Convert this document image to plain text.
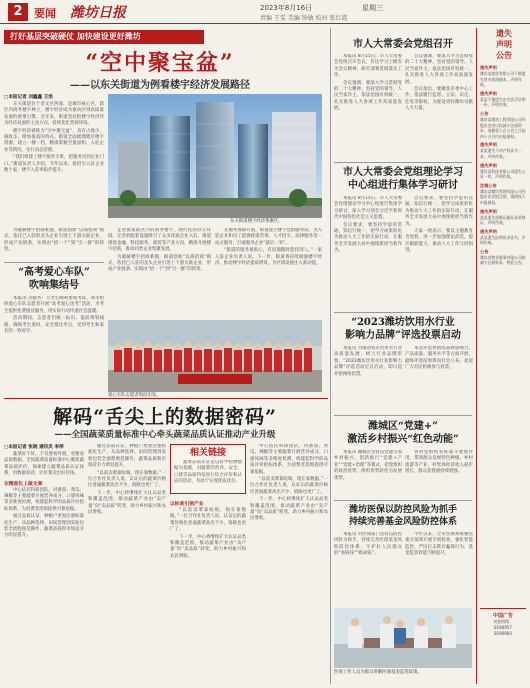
2	要闻 潍坊日报	2023年8月16日	星期三
责编 王雯 美编 徐敏 校对 张红霞
打好基层突破硬仗 加快建设更好潍坊
“空中聚宝盆”
——以东关街道为例看楼宇经济发展路径
□本报记者 刘鑫鑫 王浩

东关街道位于奎文区西部，是城市核心区，辖区内商务楼宇林立，楼宇经济成为推动区域高质量发展的重要引擎。近年来，街道坚持把楼宇经济作为经济发展的主攻方向，持续优化营商环境。

楼宇经济被称为“空中聚宝盆”，具有占地少、税收多、附加值高的特点。街道全面梳理辖区楼宇资源，建立一楼一档，精准掌握空置面积、入驻企业等情况，实行动态管理。

“我们组建了楼宇服务专班，把服务送到企业门口。”街道负责人介绍，今年以来，新招引入驻企业数十家，楼宇入驻率稳步提升。

东关街道楼宇经济集聚区。

走进街道辖区内的商务楼宇，现代化的办公环境、完善的配套设施吸引了众多优质企业入驻。街道围绕金融、科技服务、商贸等产业方向，精准开展楼宇招商，推动同类企业集聚发展。

为破解楼宇招商难题，街道创新“以商招商”模式，依托已入驻的龙头企业引进上下游关联企业，形成产业链条，实现由“招一个”到“引一群”的转变。

在服务保障方面，街道建立楼宇党群服务站，为入驻企业和员工提供政策咨询、人才招引、法律服务等一站式服务，打通服务企业“最后一米”。

“街道的服务很贴心，有问题随时能找到人。”一家入驻企业负责人说。下一步，街道将持续做强楼宇经济，推动楼宇经济提质增效，为区域发展注入新动能。

为破解楼宇招商难题，街道创新“以商招商”模式，依托已入驻的龙头企业引进上下游关联企业，形成产业链条，实现由“招一个”到“引一群”的转变。

“高考爱心车队”
吹响集结号

本报讯 为服务广大考生顺利参加考试，我市组织爱心车队志愿者开展“高考爱心送考”活动，为考生提供免费接送服务，用实际行动传递社会温暖。

活动期间，志愿者们统一标识、提前规划线路，确保考生准时、安全抵达考点，受到考生和家长的一致好评。

爱心车队志愿者集结出发。
解码“舌尖上的数据密码”
——全国蔬菜质量标准中心牵头蔬菜品质认证推动产业升级
□本报记者 张晓 通讯员 李萍

蔬菜好不好，不仅要看外观，更要看品质数据。全国蔬菜质量标准中心聚焦蔬菜品质评价，探索建立蔬菜品质认证体系，用数据说话，让好菜卖出好价钱。

在精准化上做文章

中心依托科研团队，对番茄、黄瓜、辣椒等主要蔬菜开展营养成分、口感风味等多维度检测，构建起科学的品质评价指标体系，为消费者选购提供可靠依据。

通过品质认证，种植户更加注重标准化生产，从品种选择、田间管理到采收包装全流程规范操作，蔬菜品质和市场竞争力明显提升。

通过品质认证，种植户更加注重标准化生产，从品种选择、田间管理到采收包装全流程规范操作，蔬菜品质和市场竞争力明显提升。

“以前卖菜靠吆喝，现在靠数据。”一位合作社负责人说，认证后的蔬菜价格比普通蔬菜高出不少，销路也更广了。

下一步，中心将继续扩大认证品类和覆盖范围，推动蔬菜产业由“卖产量”向“卖品质”转变，助力乡村振兴和农民增收。

相关链接

蔬菜品质认证是以科学检测数据为基础，对蔬菜的营养、安全、口感等品质特征进行综合评价和认证的活动，有助于实现优质优价。

以标准引领产业

“以前卖菜靠吆喝，现在靠数据。”一位合作社负责人说，认证后的蔬菜价格比普通蔬菜高出不少，销路也更广了。

下一步，中心将继续扩大认证品类和覆盖范围，推动蔬菜产业由“卖产量”向“卖品质”转变，助力乡村振兴和农民增收。

中心依托科研团队，对番茄、黄瓜、辣椒等主要蔬菜开展营养成分、口感风味等多维度检测，构建起科学的品质评价指标体系，为消费者选购提供可靠依据。

“以前卖菜靠吆喝，现在靠数据。”一位合作社负责人说，认证后的蔬菜价格比普通蔬菜高出不少，销路也更广了。

下一步，中心将继续扩大认证品类和覆盖范围，推动蔬菜产业由“卖产量”向“卖品质”转变，助力乡村振兴和农民增收。

市人大常委会党组召开

本报讯 8月15日，市人大常委会党组召开会议，传达学习上级有关会议精神，研究部署贯彻落实工作。

会议强调，要深入学习贯彻党的二十大精神，坚持党的领导、人民当家作主、依法治国有机统一，扎实推进人大各项工作高质量发展。

会议强调，要深入学习贯彻党的二十大精神，坚持党的领导、人民当家作主、依法治国有机统一，扎实推进人大各项工作高质量发展。

会议指出，要聚焦市委中心工作，依法履行监督、立法、决定、任免等职权，为建设更好潍坊贡献人大力量。

市人大常委会党组理论学习
中心组进行集体学习研讨

本报讯 8月15日，市人大常委会党组理论学习中心组进行集体学习研讨，深入学习领会习近平新时代中国特色社会主义思想。

会议要求，要坚持学思用贯通、知信行统一，把学习成果转化为推动人大工作的实际行动，在服务全市发展大局中展现新担当新作为。

会议要求，要坚持学思用贯通、知信行统一，把学习成果转化为推动人大工作的实际行动，在服务全市发展大局中展现新担当新作为。

大家一致表示，要以主题教育为契机，进一步加强理论武装，提升履职能力，推动人大工作与时俱进。

“2023潍坊饮用水行业
影响力品牌”评选投票启动

本报讯 为推动我市饮用水行业高质量发展，树立行业品牌形象，“2023潍坊饮用水行业影响力品牌”评选活动近日启动，即日起开始网络投票。

本次评选将围绕品牌影响力、产品质量、服务水平等方面开展，最终评选结果将向社会公布，欢迎广大市民积极参与投票。

潍城区“党建+”
激活乡村振兴“红色动能”

本报讯 潍城区坚持以党建引领乡村振兴，创新推行“党建+产业”“党建+治理”等模式，把党组织的政治优势、组织优势转化为发展优势。

各村党组织发挥战斗堡垒作用，带领群众发展特色种植、乡村旅游等产业，村集体经济收入稳步增长，群众获得感持续增强。

潍坊医保以防控风险为抓手
持续完善基金风险防控体系

本报讯 市医保部门坚持以防控风险为抓手，持续完善医保基金风险防控体系，守护好人民群众的“看病钱”“救命钱”。

今年以来，全市医保系统聚焦重点领域开展专项检查，强化智能监控，严厉打击欺诈骗保行为，基金监管效能不断提升。

医保工作人员为群众讲解医保基金监管政策。
遗失
声明
公告
遗失声明
潍坊某商贸有限公司不慎遗失营业执照副本，声明作废。
遗失声明
某某不慎遗失出生医学证明一份，声明作废。
公告
潍坊某建筑工程有限公司经股东会决议拟减少注册资本，请债权人自公告之日起四十五日内申报债权。
遗失声明
某某遗失不动产权证书一本，声明作废。
遗失声明
潍坊某科技有限公司遗失公章一枚，声明作废。
注销公告
潍坊某餐饮管理有限公司经股东决定拟注销，请债权人申报债权。
遗失声明
某某遗失道路运输从业资格证，声明作废。
遗失声明
某某遗失医师执业证书，声明作废。
公告
潍坊某物业服务有限公司拟减少注册资本，特此公告。
中国广告
刊登热线：
8196957
8196960
